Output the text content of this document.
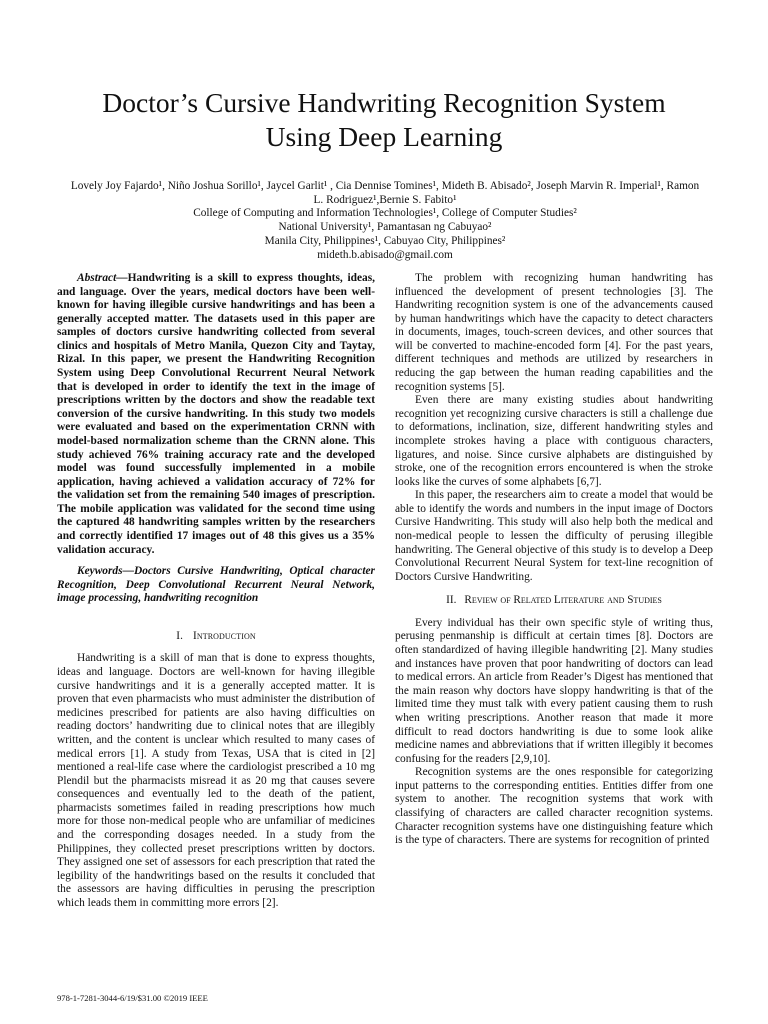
Doctor’s Cursive Handwriting Recognition System
Using Deep Learning
Lovely Joy Fajardo¹, Niño Joshua Sorillo¹, Jaycel Garlit¹ , Cia Dennise Tomines¹, Mideth B. Abisado², Joseph Marvin R. Imperial¹, Ramon
L. Rodriguez¹,Bernie S. Fabito¹
College of Computing and Information Technologies¹, College of Computer Studies²
National University¹, Pamantasan ng Cabuyao²
Manila City, Philippines¹, Cabuyao City, Philippines²
mideth.b.abisado@gmail.com

Abstract—Handwriting is a skill to express thoughts, ideas, and language. Over the years, medical doctors have been well-known for having illegible cursive handwritings and has been a generally accepted matter. The datasets used in this paper are samples of doctors cursive handwriting collected from several clinics and hospitals of Metro Manila, Quezon City and Taytay, Rizal. In this paper, we present the Handwriting Recognition System using Deep Convolutional Recurrent Neural Network that is developed in order to identify the text in the image of prescriptions written by the doctors and show the readable text conversion of the cursive handwriting. In this study two models were evaluated and based on the experimentation CRNN with model-based normalization scheme than the CRNN alone. This study achieved 76% training accuracy rate and the developed model was found successfully implemented in a mobile application, having achieved a validation accuracy of 72% for the validation set from the remaining 540 images of prescription. The mobile application was validated for the second time using the captured 48 handwriting samples written by the researchers and correctly identified 17 images out of 48 this gives us a 35% validation accuracy.

Keywords—Doctors Cursive Handwriting, Optical character Recognition, Deep Convolutional Recurrent Neural Network, image processing, handwriting recognition

I. Introduction

Handwriting is a skill of man that is done to express thoughts, ideas and language. Doctors are well-known for having illegible cursive handwritings and it is a generally accepted matter. It is proven that even pharmacists who must administer the distribution of medicines prescribed for patients are also having difficulties on reading doctors’ handwriting due to clinical notes that are illegibly written, and the content is unclear which resulted to many cases of medical errors [1]. A study from Texas, USA that is cited in [2] mentioned a real-life case where the cardiologist prescribed a 10 mg Plendil but the pharmacists misread it as 20 mg that causes severe consequences and eventually led to the death of the patient, pharmacists sometimes failed in reading prescriptions how much more for those non-medical people who are unfamiliar of medicines and the corresponding dosages needed. In a study from the Philippines, they collected preset prescriptions written by doctors. They assigned one set of assessors for each prescription that rated the legibility of the handwritings based on the results it concluded that the assessors are having difficulties in perusing the prescription which leads them in committing more errors [2].

The problem with recognizing human handwriting has influenced the development of present technologies [3]. The Handwriting recognition system is one of the advancements caused by human handwritings which have the capacity to detect characters in documents, images, touch-screen devices, and other sources that will be converted to machine-encoded form [4]. For the past years, different techniques and methods are utilized by researchers in reducing the gap between the human reading capabilities and the recognition systems [5].

Even there are many existing studies about handwriting recognition yet recognizing cursive characters is still a challenge due to deformations, inclination, size, different handwriting styles and incomplete strokes having a place with contiguous characters, ligatures, and noise. Since cursive alphabets are distinguished by stroke, one of the recognition errors encountered is when the stroke looks like the curves of some alphabets [6,7].

In this paper, the researchers aim to create a model that would be able to identify the words and numbers in the input image of Doctors Cursive Handwriting. This study will also help both the medical and non-medical people to lessen the difficulty of perusing illegible handwriting. The General objective of this study is to develop a Deep Convolutional Recurrent Neural System for text-line recognition of Doctors Cursive Handwriting.

II. Review of Related Literature and Studies

Every individual has their own specific style of writing thus, perusing penmanship is difficult at certain times [8]. Doctors are often standardized of having illegible handwriting [2]. Many studies and instances have proven that poor handwriting of doctors can lead to medical errors. An article from Reader’s Digest has mentioned that the main reason why doctors have sloppy handwriting is that of the limited time they must talk with every patient causing them to rush when writing prescriptions. Another reason that made it more difficult to read doctors handwriting is due to some look alike medicine names and abbreviations that if written illegibly it becomes confusing for the readers [2,9,10].

Recognition systems are the ones responsible for categorizing input patterns to the corresponding entities. Entities differ from one system to another. The recognition systems that work with classifying of characters are called character recognition systems. Character recognition systems have one distinguishing feature which is the type of characters. There are systems for recognition of printed

978-1-7281-3044-6/19/$31.00 ©2019 IEEE
